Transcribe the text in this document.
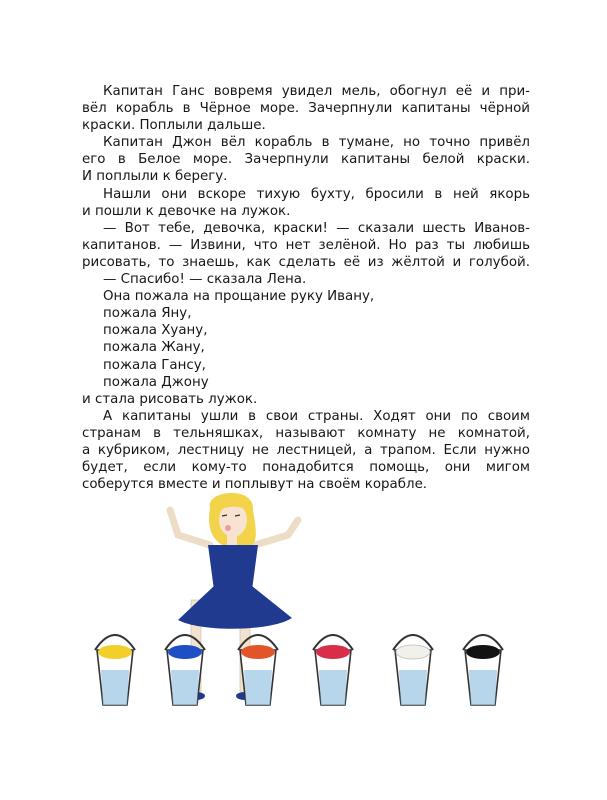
Капитан Ганс вовремя увидел мель, обогнул её и при-

вёл корабль в Чёрное море. Зачерпнули капитаны чёрной

краски. Поплыли дальше.

Капитан Джон вёл корабль в тумане, но точно привёл

его в Белое море. Зачерпнули капитаны белой краски.

И поплыли к берегу.

Нашли они вскоре тихую бухту, бросили в ней якорь

и пошли к девочке на лужок.

— Вот тебе, девочка, краски! — сказали шесть Иванов-

капитанов. — Извини, что нет зелёной. Но раз ты любишь

рисовать, то знаешь, как сделать её из жёлтой и голубой.

— Спасибо! — сказала Лена.

Она пожала на прощание руку Ивану,

пожала Яну,

пожала Хуану,

пожала Жану,

пожала Гансу,

пожала Джону

и стала рисовать лужок.

А капитаны ушли в свои страны. Ходят они по своим

странам в тельняшках, называют комнату не комнатой,

а кубриком, лестницу не лестницей, а трапом. Если нужно

будет, если кому-то понадобится помощь, они мигом

соберутся вместе и поплывут на своём корабле.
